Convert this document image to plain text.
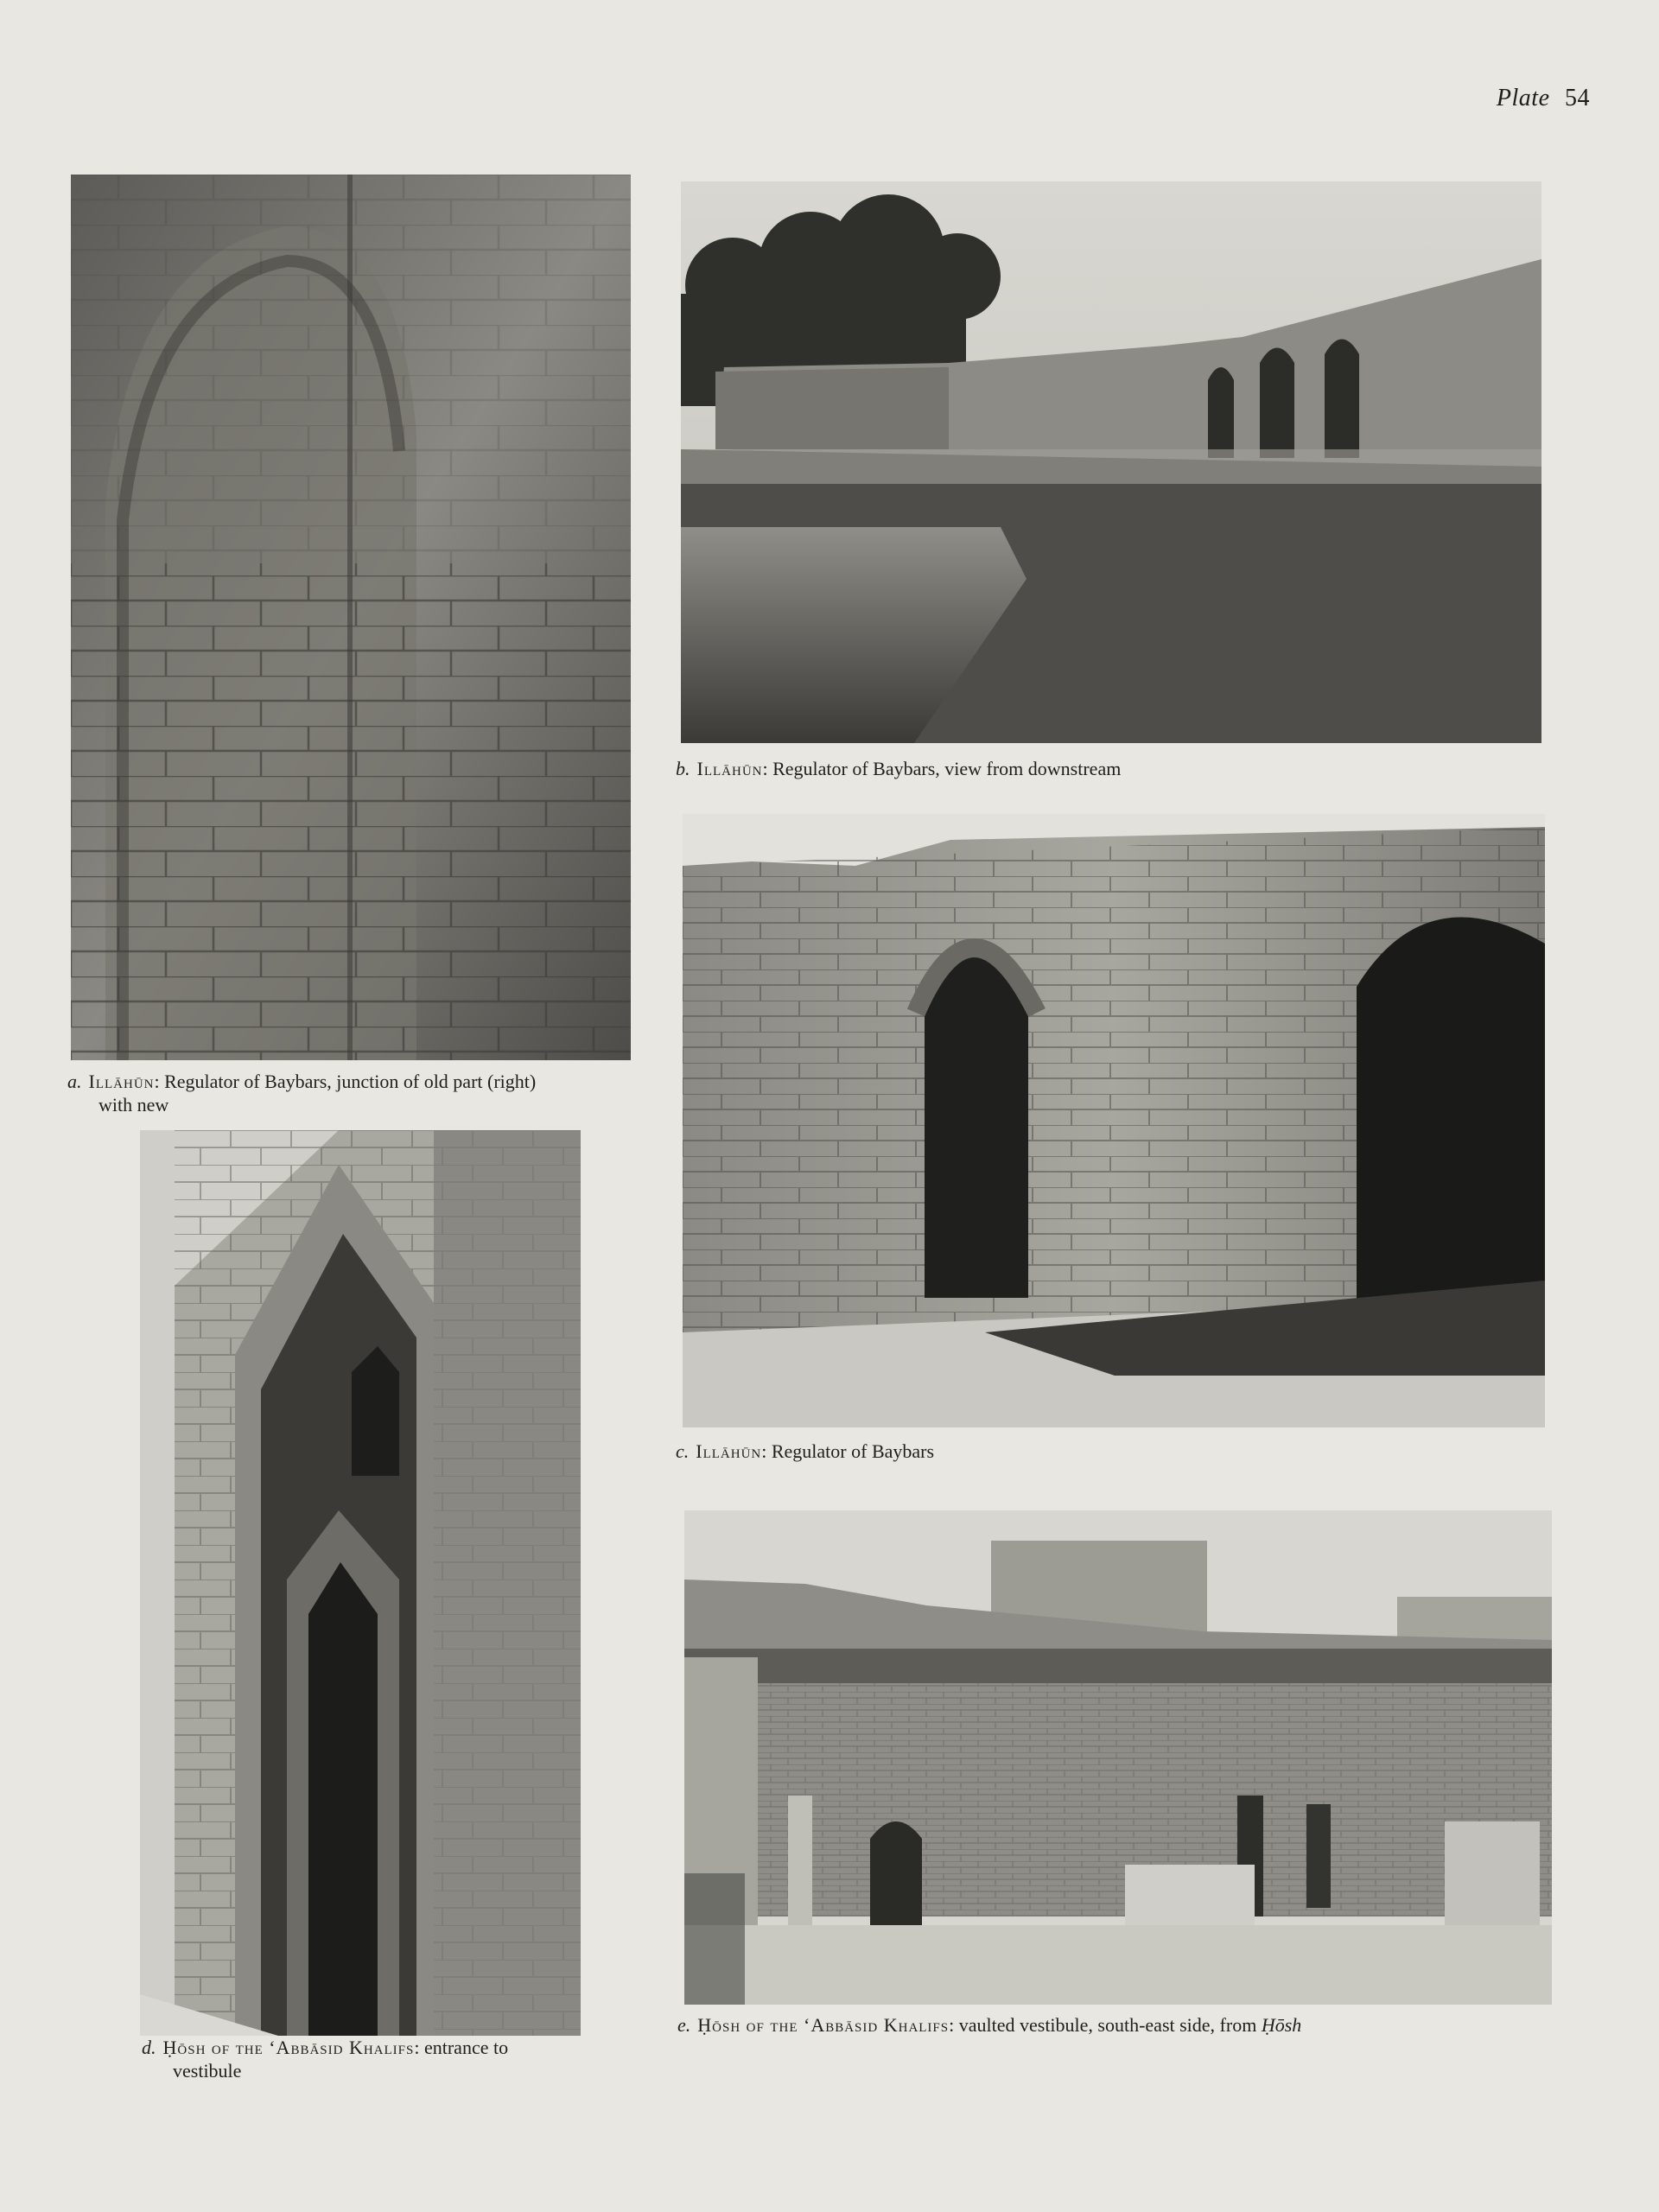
Plate 54
b. Illāhūn: Regulator of Baybars, view from downstream
a. Illāhūn: Regulator of Baybars, junction of old part (right)
with new
c. Illāhūn: Regulator of Baybars
d. Ḥōsh of the ‘Abbāsid Khalifs: entrance to
vestibule
e. Ḥōsh of the ‘Abbāsid Khalifs: vaulted vestibule, south-east side, from Ḥōsh
